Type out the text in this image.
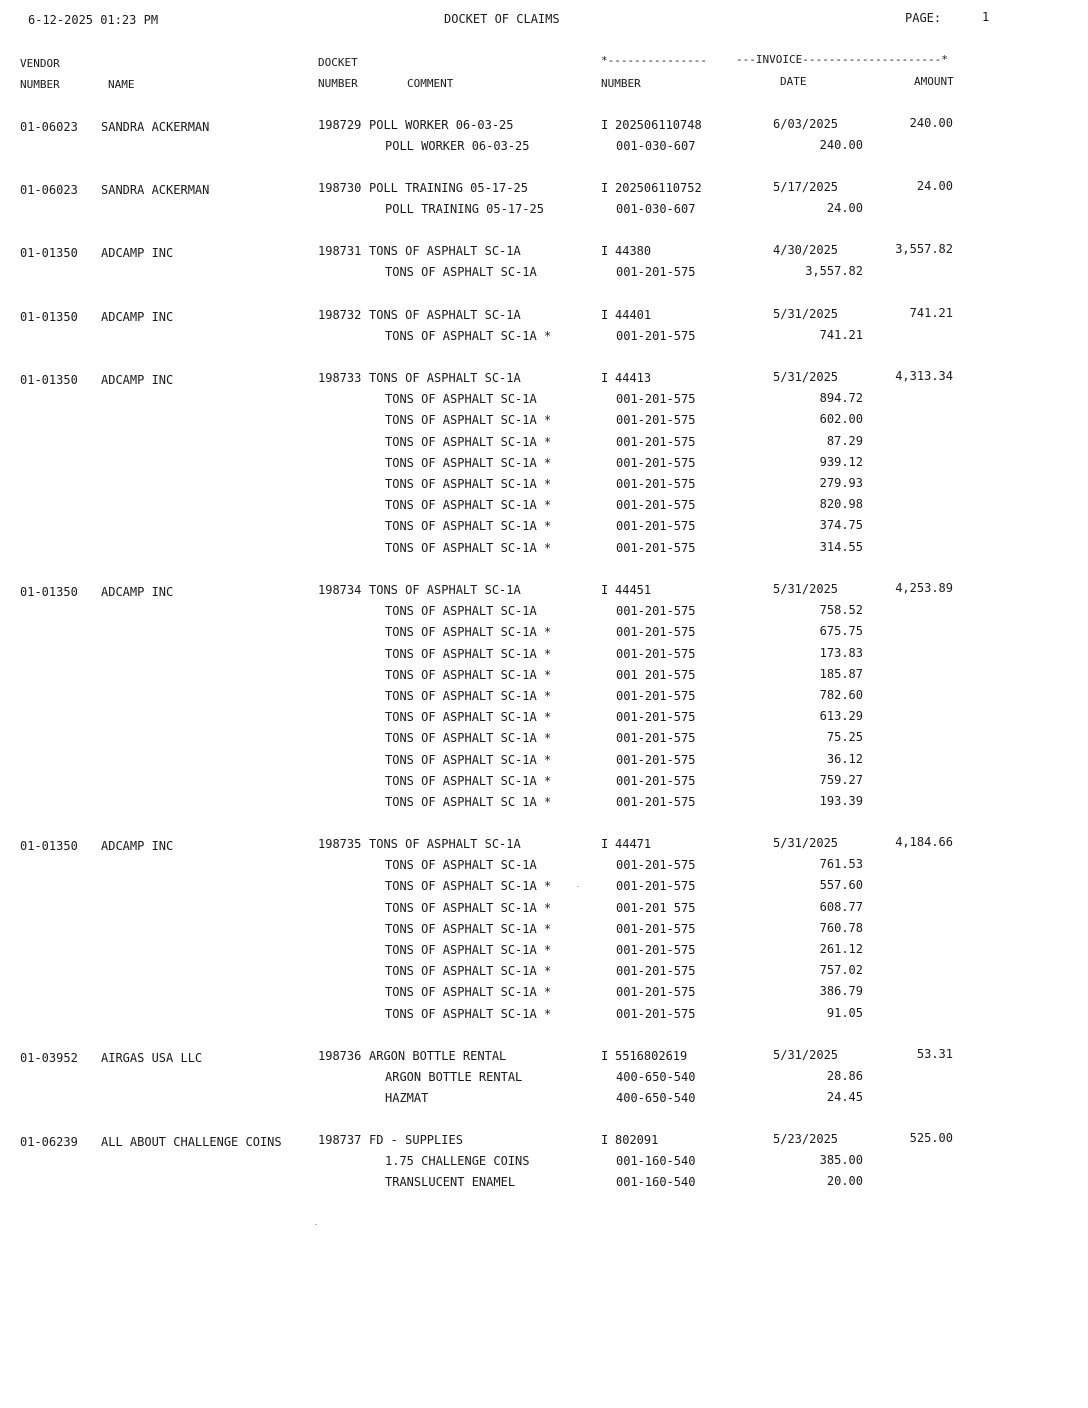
6-12-2025 01:23 PM	DOCKET OF CLAIMS	PAGE:	1
VENDOR
NUMBER	NAME
DOCKET
NUMBER	COMMENT
*---------------	---INVOICE---------------------*
NUMBER	DATE	AMOUNT
01-06023 SANDRA ACKERMAN	198729 POLL WORKER 06-03-25	I 202506110748	6/03/2025	240.00
POLL WORKER 06-03-25	001-030-607	240.00
01-06023 SANDRA ACKERMAN	198730 POLL TRAINING 05-17-25	I 202506110752	5/17/2025	24.00
POLL TRAINING 05-17-25	001-030-607	24.00
01-01350 ADCAMP INC	198731 TONS OF ASPHALT SC-1A	I 44380	4/30/2025	3,557.82
TONS OF ASPHALT SC-1A	001-201-575	3,557.82
01-01350 ADCAMP INC	198732 TONS OF ASPHALT SC-1A	I 44401	5/31/2025	741.21
TONS OF ASPHALT SC-1A *	001-201-575	741.21
01-01350 ADCAMP INC	198733 TONS OF ASPHALT SC-1A	I 44413	5/31/2025	4,313.34
TONS OF ASPHALT SC-1A	001-201-575	894.72
TONS OF ASPHALT SC-1A *	001-201-575	602.00
TONS OF ASPHALT SC-1A *	001-201-575	87.29
TONS OF ASPHALT SC-1A *	001-201-575	939.12
TONS OF ASPHALT SC-1A *	001-201-575	279.93
TONS OF ASPHALT SC-1A *	001-201-575	820.98
TONS OF ASPHALT SC-1A *	001-201-575	374.75
TONS OF ASPHALT SC-1A *	001-201-575	314.55
01-01350 ADCAMP INC	198734 TONS OF ASPHALT SC-1A	I 44451	5/31/2025	4,253.89
TONS OF ASPHALT SC-1A	001-201-575	758.52
TONS OF ASPHALT SC-1A *	001-201-575	675.75
TONS OF ASPHALT SC-1A *	001-201-575	173.83
TONS OF ASPHALT SC-1A *	001 201-575	185.87
TONS OF ASPHALT SC-1A *	001-201-575	782.60
TONS OF ASPHALT SC-1A *	001-201-575	613.29
TONS OF ASPHALT SC-1A *	001-201-575	75.25
TONS OF ASPHALT SC-1A *	001-201-575	36.12
TONS OF ASPHALT SC-1A *	001-201-575	759.27
TONS OF ASPHALT SC 1A *	001-201-575	193.39
01-01350 ADCAMP INC	198735 TONS OF ASPHALT SC-1A	I 44471	5/31/2025	4,184.66
TONS OF ASPHALT SC-1A	001-201-575	761.53
TONS OF ASPHALT SC-1A *	001-201-575	557.60
TONS OF ASPHALT SC-1A *	001-201 575	608.77
TONS OF ASPHALT SC-1A *	001-201-575	760.78
TONS OF ASPHALT SC-1A *	001-201-575	261.12
TONS OF ASPHALT SC-1A *	001-201-575	757.02
TONS OF ASPHALT SC-1A *	001-201-575	386.79
TONS OF ASPHALT SC-1A *	001-201-575	91.05
01-03952 AIRGAS USA LLC	198736 ARGON BOTTLE RENTAL	I 5516802619	5/31/2025	53.31
ARGON BOTTLE RENTAL	400-650-540	28.86
HAZMAT	400-650-540	24.45
01-06239 ALL ABOUT CHALLENGE COINS	198737 FD - SUPPLIES	I 802091	5/23/2025	525.00
1.75 CHALLENGE COINS	001-160-540	385.00
TRANSLUCENT ENAMEL	001-160-540	20.00
